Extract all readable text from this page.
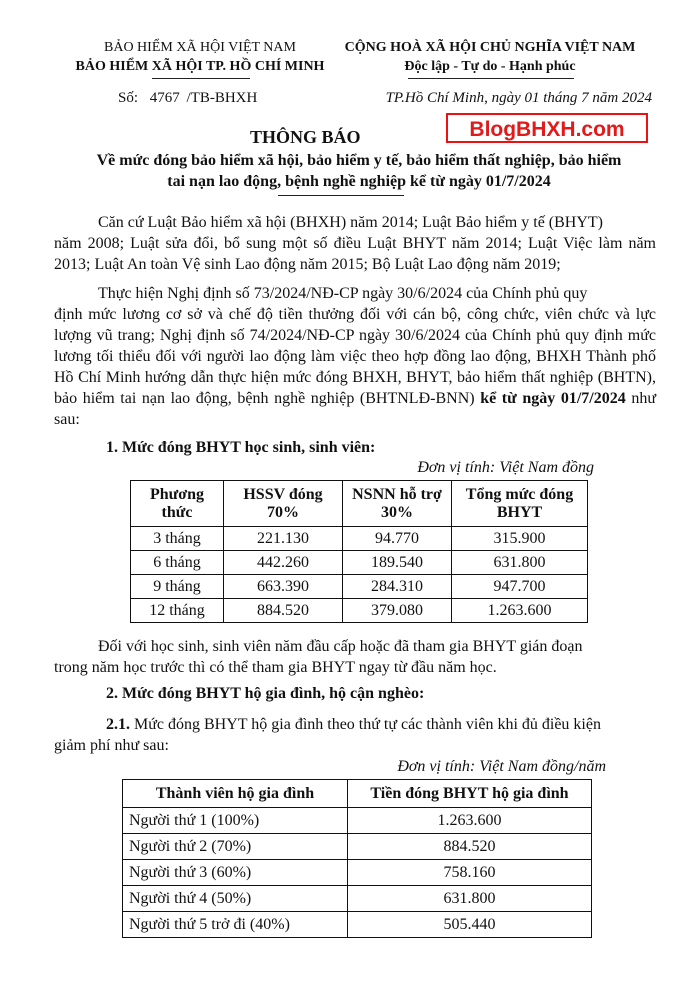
BẢO HIỂM XÃ HỘI VIỆT NAM
BẢO HIỂM XÃ HỘI TP. HỒ CHÍ MINH
CỘNG HOÀ XÃ HỘI CHỦ NGHĨA VIỆT NAM
Độc lập - Tự do - Hạnh phúc
Số: 4767 /TB-BHXH	TP.Hồ Chí Minh, ngày 01 tháng 7 năm 2024
THÔNG BÁO	BlogBHXH.com
Về mức đóng bảo hiểm xã hội, bảo hiểm y tế, bảo hiểm thất nghiệp, bảo hiểm
tai nạn lao động, bệnh nghề nghiệp kể từ ngày 01/7/2024
Căn cứ Luật Bảo hiểm xã hội (BHXH) năm 2014; Luật Bảo hiểm y tế (BHYT)
năm 2008; Luật sửa đổi, bổ sung một số điều Luật BHYT năm 2014; Luật Việc làm năm 2013; Luật An toàn Vệ sinh Lao động năm 2015; Bộ Luật Lao động năm 2019;
Thực hiện Nghị định số 73/2024/NĐ-CP ngày 30/6/2024 của Chính phủ quy
định mức lương cơ sở và chế độ tiền thưởng đối với cán bộ, công chức, viên chức và lực lượng vũ trang; Nghị định số 74/2024/NĐ-CP ngày 30/6/2024 của Chính phủ quy định mức lương tối thiểu đối với người lao động làm việc theo hợp đồng lao động, BHXH Thành phố Hồ Chí Minh hướng dẫn thực hiện mức đóng BHXH, BHYT, bảo hiểm thất nghiệp (BHTN), bảo hiểm tai nạn lao động, bệnh nghề nghiệp (BHTNLĐ-BNN) kể từ ngày 01/7/2024 như sau:
1. Mức đóng BHYT học sinh, sinh viên:
Đơn vị tính: Việt Nam đồng
Phương thức	HSSV đóng 70%	NSNN hỗ trợ 30%	Tổng mức đóng BHYT
3 tháng	221.130	94.770	315.900
6 tháng	442.260	189.540	631.800
9 tháng	663.390	284.310	947.700
12 tháng	884.520	379.080	1.263.600
Đối với học sinh, sinh viên năm đầu cấp hoặc đã tham gia BHYT gián đoạn
trong năm học trước thì có thể tham gia BHYT ngay từ đầu năm học.
2. Mức đóng BHYT hộ gia đình, hộ cận nghèo:
2.1. Mức đóng BHYT hộ gia đình theo thứ tự các thành viên khi đủ điều kiện
giảm phí như sau:
Đơn vị tính: Việt Nam đồng/năm
Thành viên hộ gia đình	Tiền đóng BHYT hộ gia đình
Người thứ 1 (100%)	1.263.600
Người thứ 2 (70%)	884.520
Người thứ 3 (60%)	758.160
Người thứ 4 (50%)	631.800
Người thứ 5 trở đi (40%)	505.440
